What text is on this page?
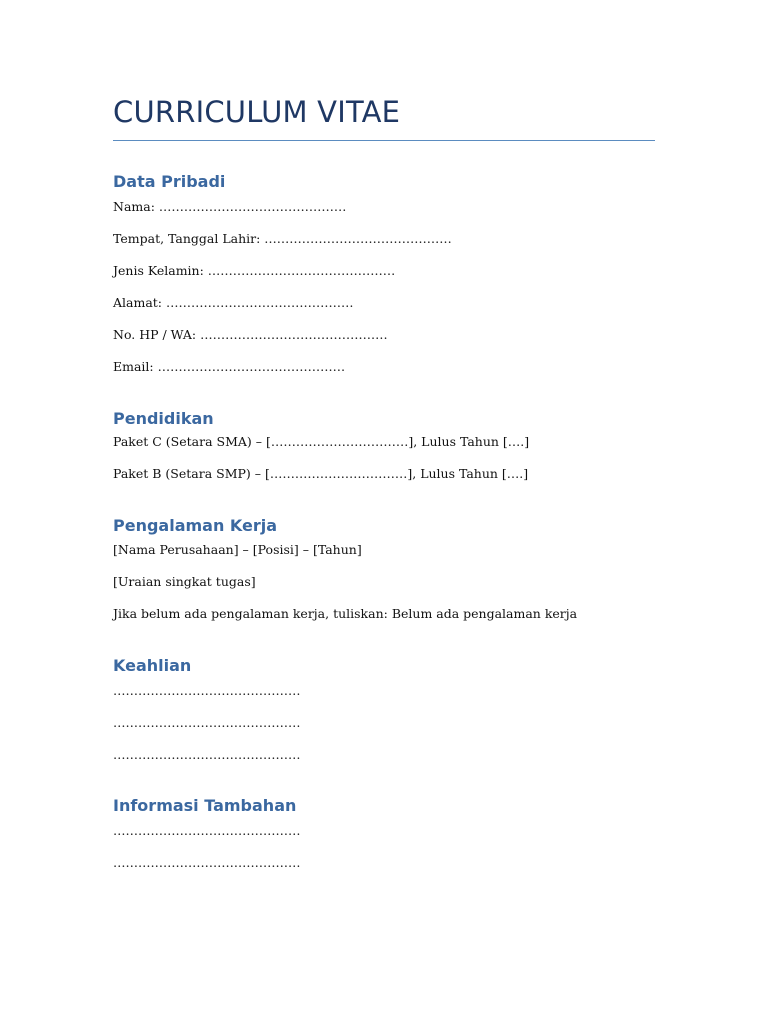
CURRICULUM VITAE
Data Pribadi

Nama: ………………………………………

Tempat, Tanggal Lahir: ………………………………………

Jenis Kelamin: ………………………………………

Alamat: ………………………………………

No. HP / WA: ………………………………………

Email: ………………………………………

Pendidikan

Paket C (Setara SMA) – [……………………………], Lulus Tahun [….]

Paket B (Setara SMP) – [……………………………], Lulus Tahun [….]

Pengalaman Kerja

[Nama Perusahaan] – [Posisi] – [Tahun]

[Uraian singkat tugas]

Jika belum ada pengalaman kerja, tuliskan: Belum ada pengalaman kerja

Keahlian

………………………………………

………………………………………

………………………………………

Informasi Tambahan

………………………………………

………………………………………
